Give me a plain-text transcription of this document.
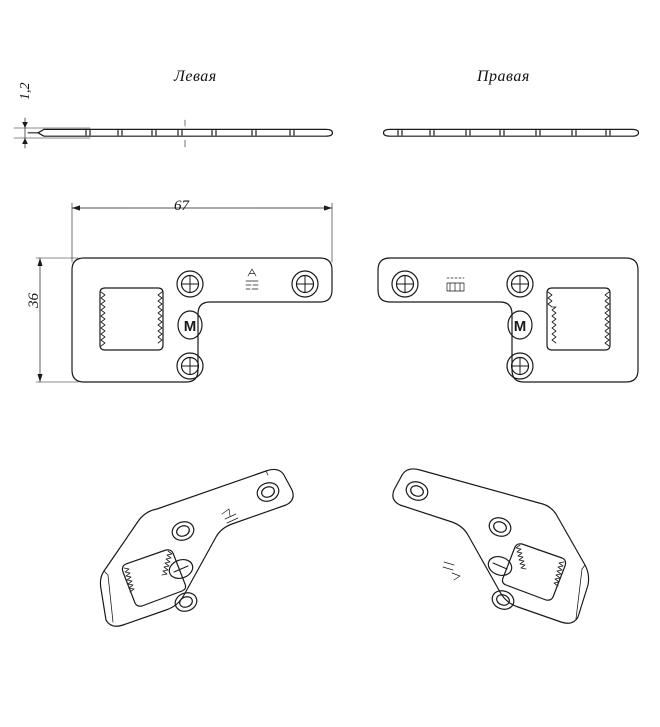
Левая	Правая
67
36
1,2
M	M
